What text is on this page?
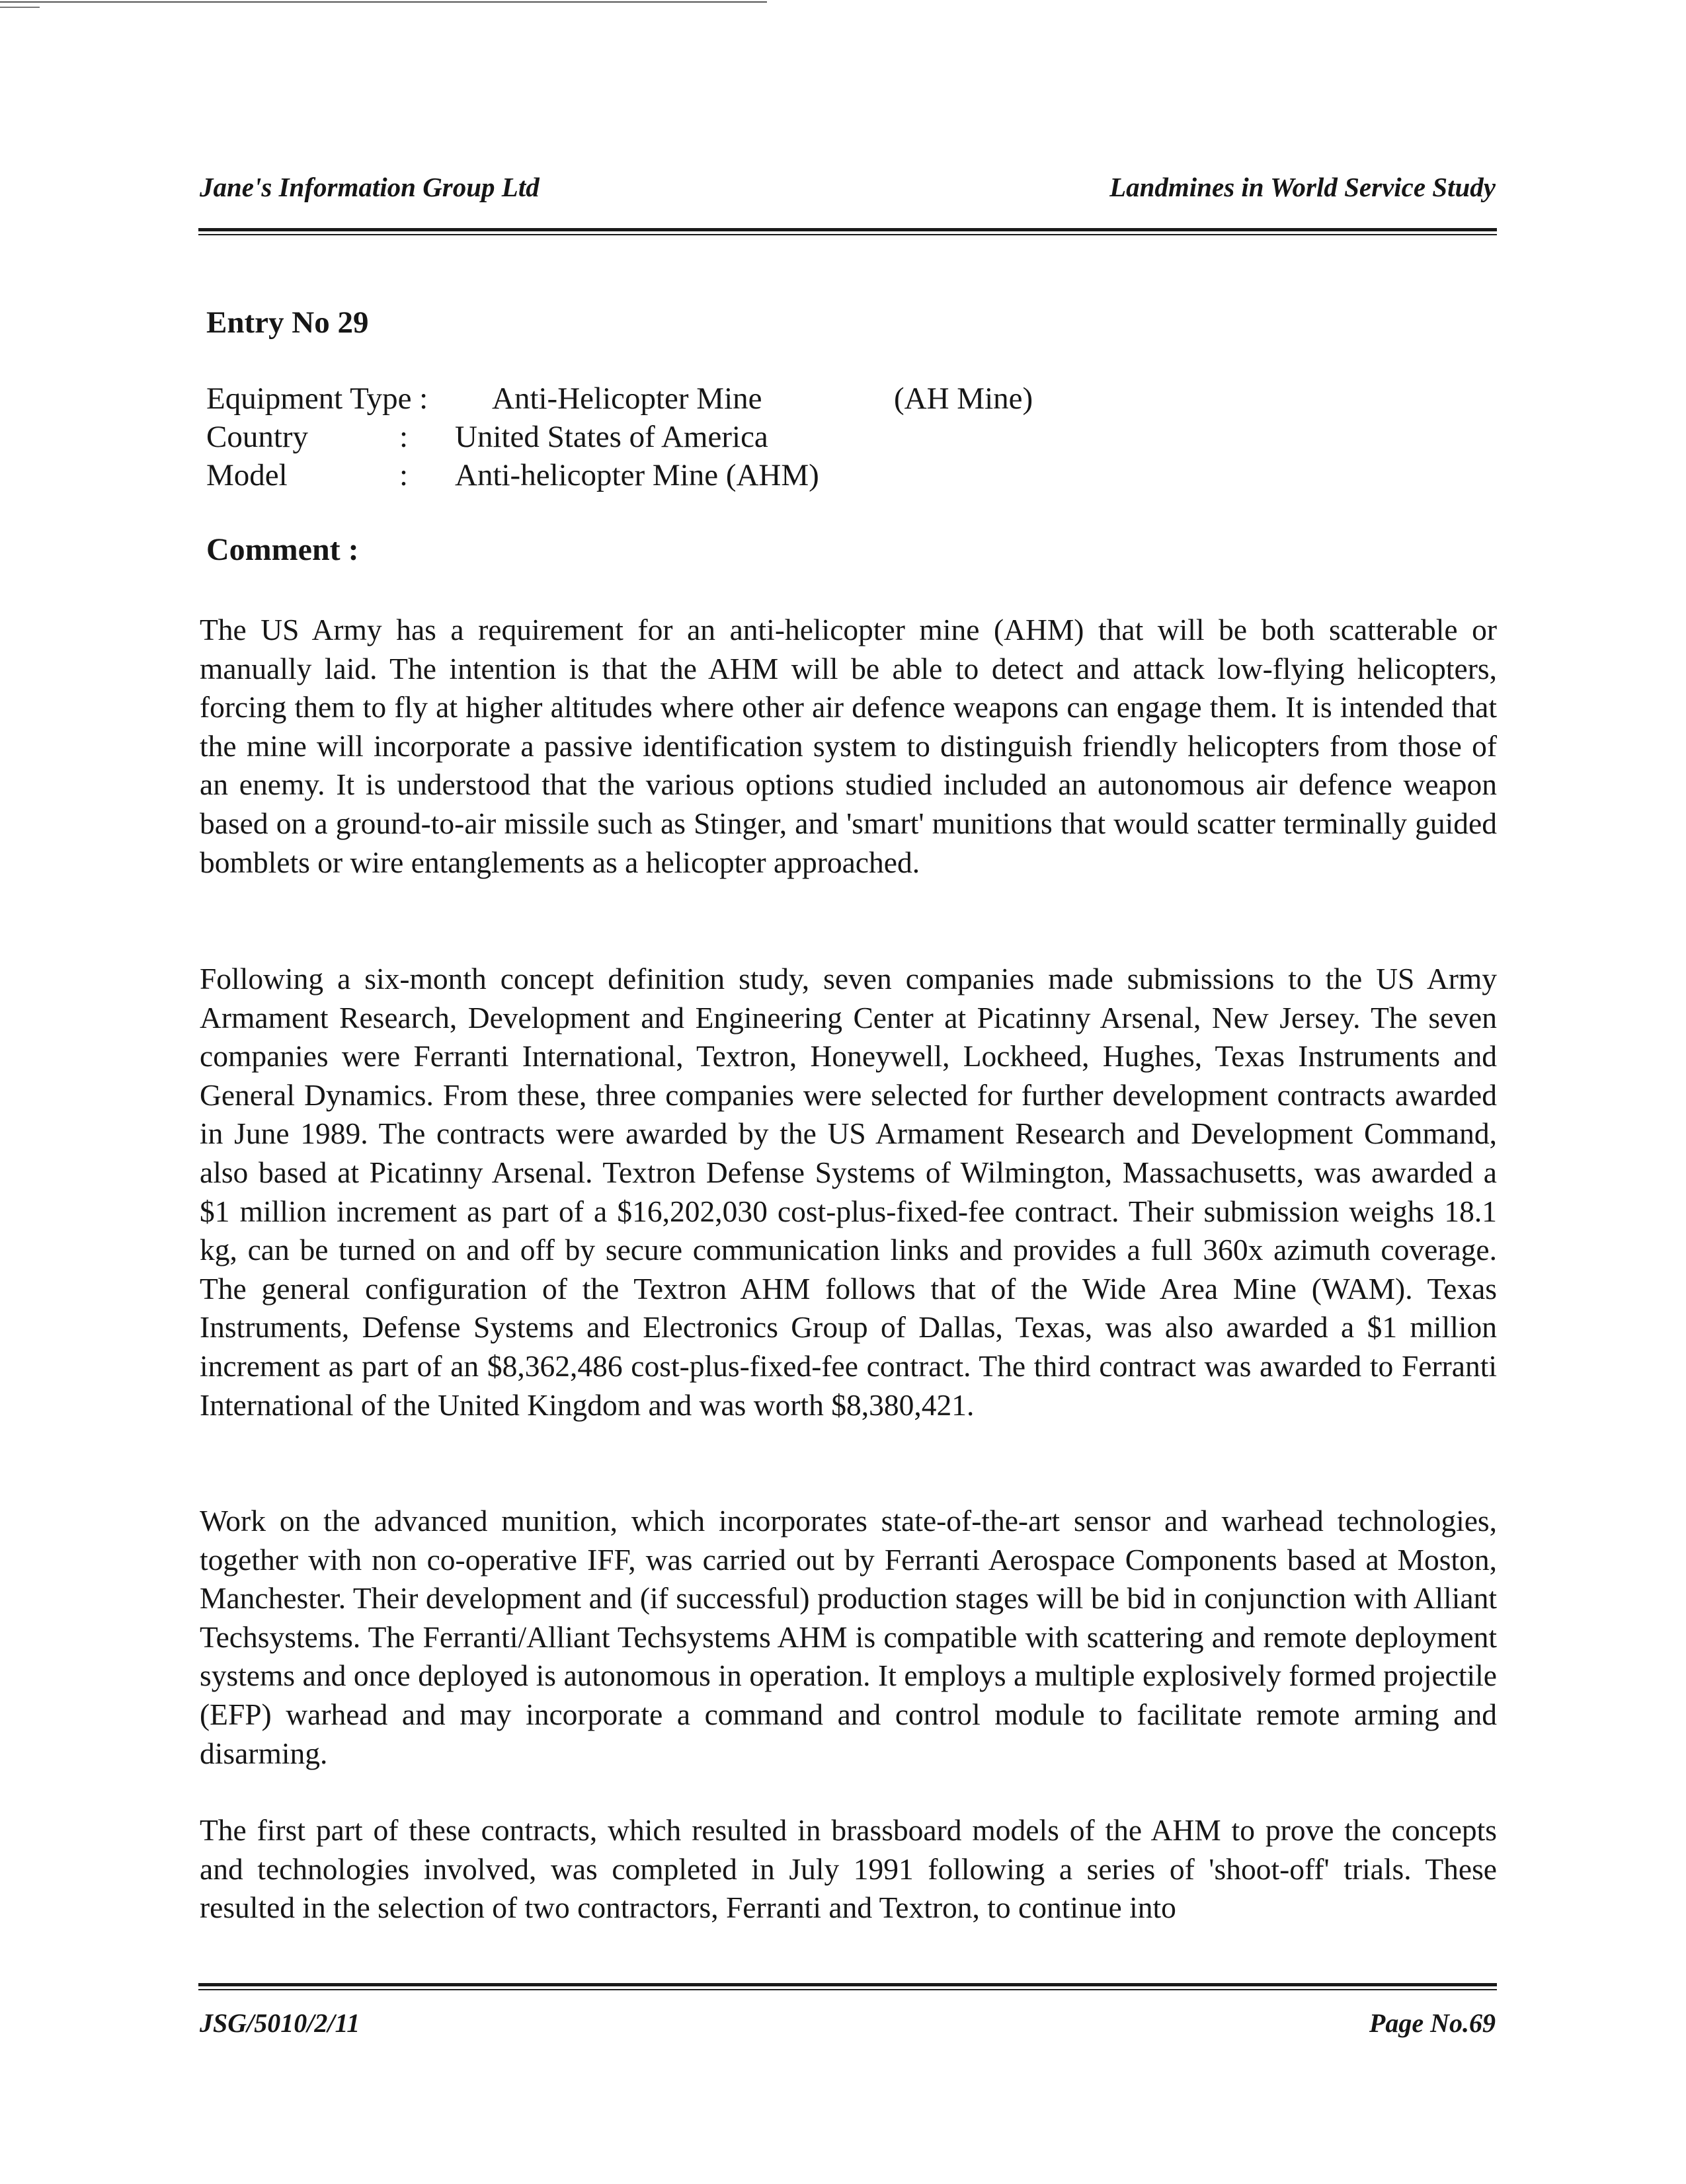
Jane's Information Group Ltd	Landmines in World Service Study
Entry No 29
Equipment Type : Anti-Helicopter Mine	(AH Mine)
Country	: United States of America
Model	: Anti-helicopter Mine (AHM)
Comment :

The US Army has a requirement for an anti-helicopter mine (AHM) that will be both scatterable or manually laid. The intention is that the AHM will be able to detect and attack low-flying helicopters, forcing them to fly at higher altitudes where other air defence weapons can engage them. It is intended that the mine will incorporate a passive identification system to distinguish friendly helicopters from those of an enemy. It is understood that the various options studied included an autonomous air defence weapon based on a ground-to-air missile such as Stinger, and 'smart' munitions that would scatter terminally guided bomblets or wire entanglements as a helicopter approached.

Following a six-month concept definition study, seven companies made submissions to the US Army Armament Research, Development and Engineering Center at Picatinny Arsenal, New Jersey. The seven companies were Ferranti International, Textron, Honeywell, Lockheed, Hughes, Texas Instruments and General Dynamics. From these, three companies were selected for further development contracts awarded in June 1989. The contracts were awarded by the US Armament Research and Development Command, also based at Picatinny Arsenal. Textron Defense Systems of Wilmington, Massachusetts, was awarded a $1 million increment as part of a $16,202,030 cost-plus-fixed-fee contract. Their submission weighs 18.1 kg, can be turned on and off by secure communication links and provides a full 360x azimuth coverage. The general configuration of the Textron AHM follows that of the Wide Area Mine (WAM). Texas Instruments, Defense Systems and Electronics Group of Dallas, Texas, was also awarded a $1 million increment as part of an $8,362,486 cost-plus-fixed-fee contract. The third contract was awarded to Ferranti International of the United Kingdom and was worth $8,380,421.

Work on the advanced munition, which incorporates state-of-the-art sensor and warhead technologies, together with non co-operative IFF, was carried out by Ferranti Aerospace Components based at Moston, Manchester. Their development and (if successful) production stages will be bid in conjunction with Alliant Techsystems. The Ferranti/Alliant Techsystems AHM is compatible with scattering and remote deployment systems and once deployed is autonomous in operation. It employs a multiple explosively formed projectile (EFP) warhead and may incorporate a command and control module to facilitate remote arming and disarming.

The first part of these contracts, which resulted in brassboard models of the AHM to prove the concepts and technologies involved, was completed in July 1991 following a series of 'shoot-off' trials. These resulted in the selection of two contractors, Ferranti and Textron, to continue into

JSG/5010/2/11	Page No.69
